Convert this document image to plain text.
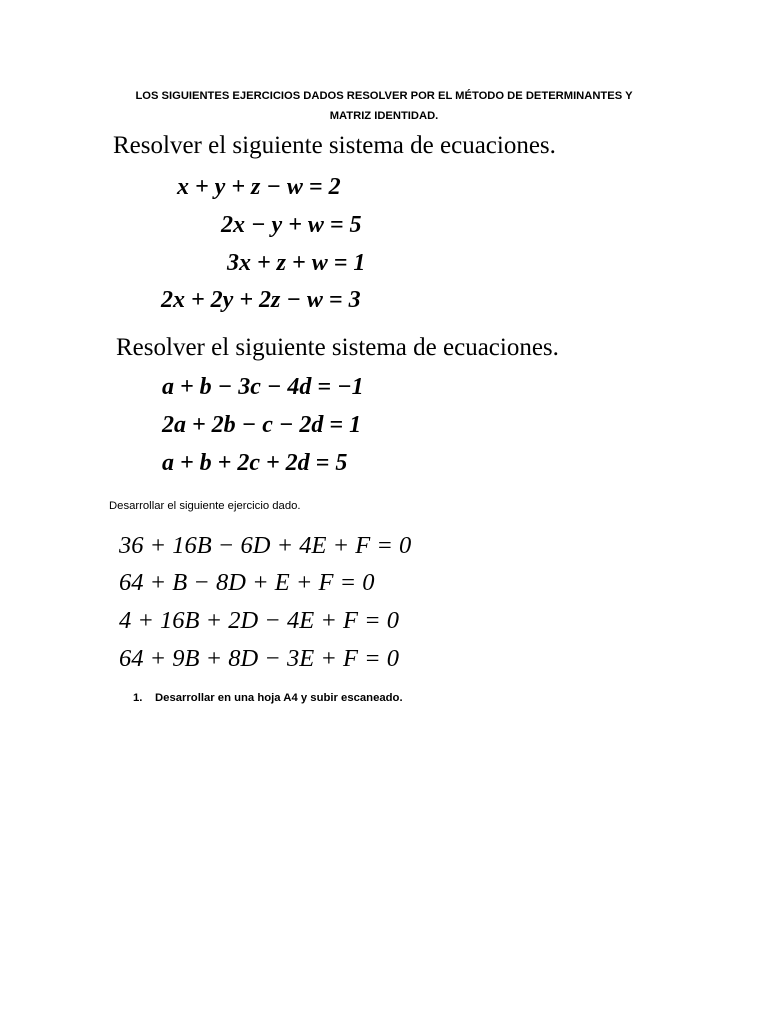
LOS SIGUIENTES EJERCICIOS DADOS RESOLVER POR EL MÉTODO DE DETERMINANTES Y
MATRIZ IDENTIDAD.
Resolver el siguiente sistema de ecuaciones.
x + y + z − w = 2
2x − y + w = 5
3x + z + w = 1
2x + 2y + 2z − w = 3
Resolver el siguiente sistema de ecuaciones.
a + b − 3c − 4d = −1
2a + 2b − c − 2d = 1
a + b + 2c + 2d = 5
Desarrollar el siguiente ejercicio dado.
36 + 16B − 6D + 4E + F = 0
64 + B − 8D + E + F = 0
4 + 16B + 2D − 4E + F = 0
64 + 9B + 8D − 3E + F = 0
1. Desarrollar en una hoja A4 y subir escaneado.
